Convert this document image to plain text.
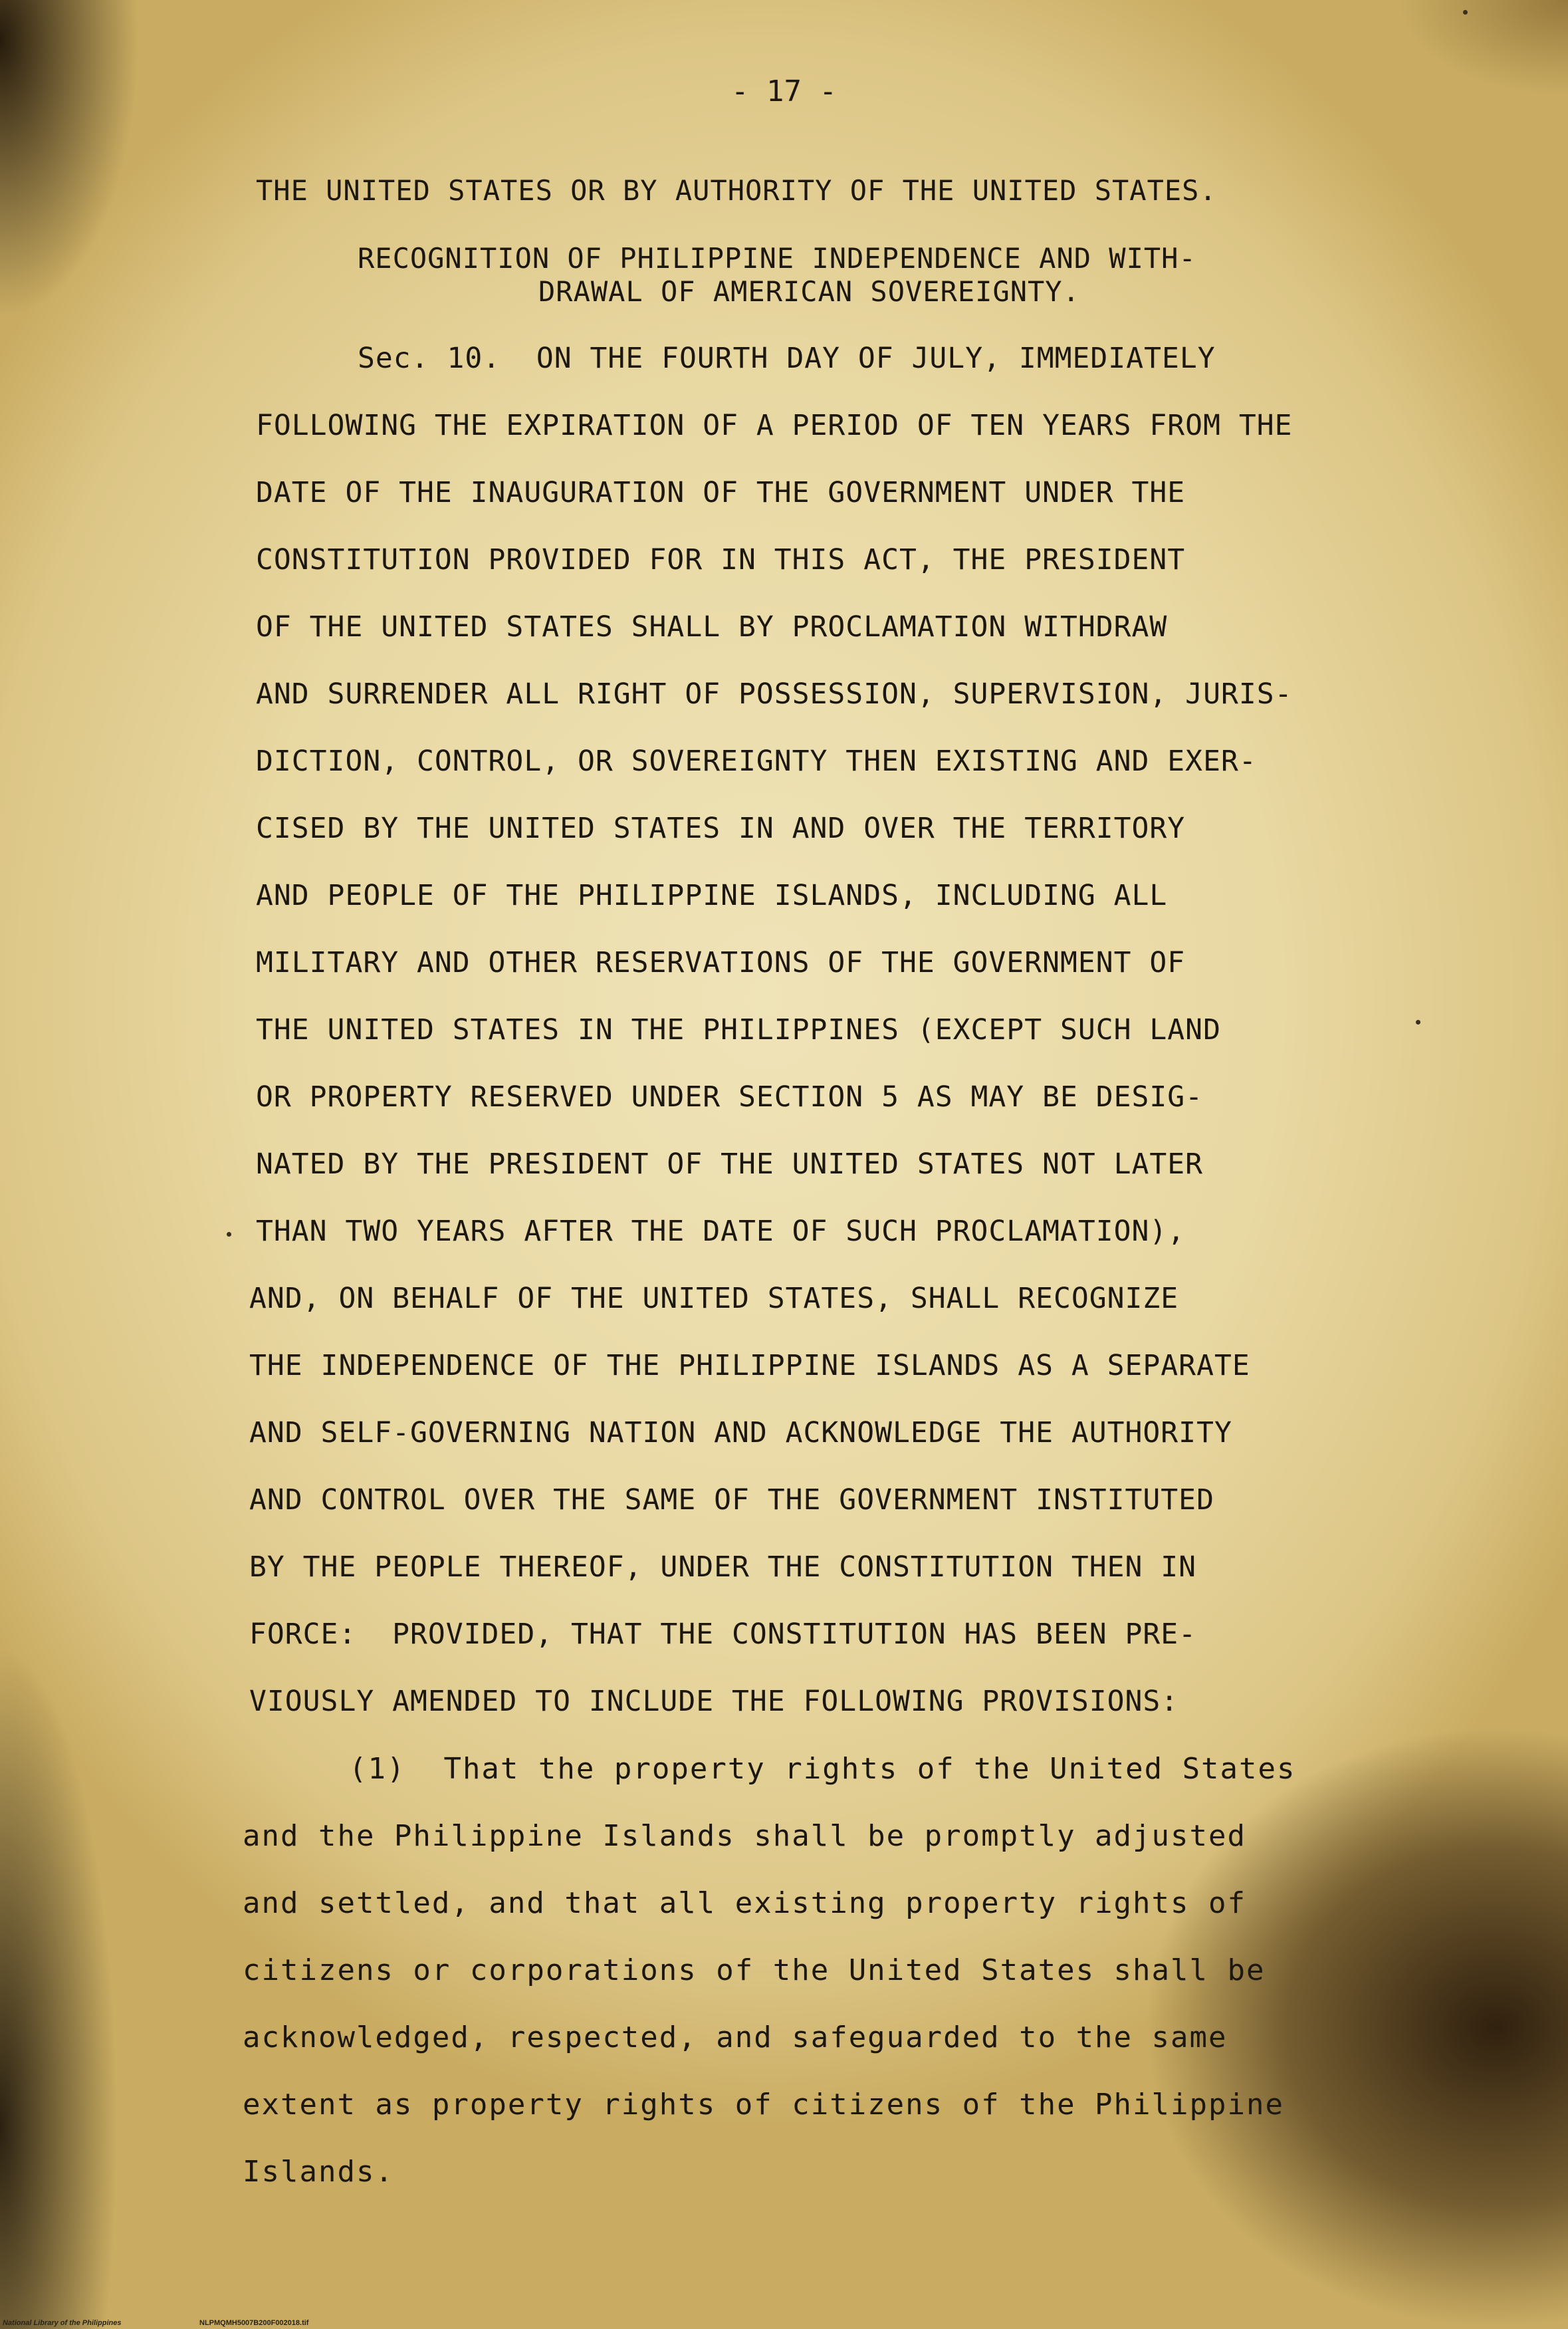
- 17 -
THE UNITED STATES OR BY AUTHORITY OF THE UNITED STATES.
RECOGNITION OF PHILIPPINE INDEPENDENCE AND WITH-
DRAWAL OF AMERICAN SOVEREIGNTY.
Sec. 10.  ON THE FOURTH DAY OF JULY, IMMEDIATELY
FOLLOWING THE EXPIRATION OF A PERIOD OF TEN YEARS FROM THE
DATE OF THE INAUGURATION OF THE GOVERNMENT UNDER THE
CONSTITUTION PROVIDED FOR IN THIS ACT, THE PRESIDENT
OF THE UNITED STATES SHALL BY PROCLAMATION WITHDRAW
AND SURRENDER ALL RIGHT OF POSSESSION, SUPERVISION, JURIS-
DICTION, CONTROL, OR SOVEREIGNTY THEN EXISTING AND EXER-
CISED BY THE UNITED STATES IN AND OVER THE TERRITORY
AND PEOPLE OF THE PHILIPPINE ISLANDS, INCLUDING ALL
MILITARY AND OTHER RESERVATIONS OF THE GOVERNMENT OF
THE UNITED STATES IN THE PHILIPPINES (EXCEPT SUCH LAND
OR PROPERTY RESERVED UNDER SECTION 5 AS MAY BE DESIG-
NATED BY THE PRESIDENT OF THE UNITED STATES NOT LATER
THAN TWO YEARS AFTER THE DATE OF SUCH PROCLAMATION),
AND, ON BEHALF OF THE UNITED STATES, SHALL RECOGNIZE
THE INDEPENDENCE OF THE PHILIPPINE ISLANDS AS A SEPARATE
AND SELF-GOVERNING NATION AND ACKNOWLEDGE THE AUTHORITY
AND CONTROL OVER THE SAME OF THE GOVERNMENT INSTITUTED
BY THE PEOPLE THEREOF, UNDER THE CONSTITUTION THEN IN
FORCE:  PROVIDED, THAT THE CONSTITUTION HAS BEEN PRE-
VIOUSLY AMENDED TO INCLUDE THE FOLLOWING PROVISIONS:
(1)  That the property rights of the United States
and the Philippine Islands shall be promptly adjusted
and settled, and that all existing property rights of
citizens or corporations of the United States shall be
acknowledged, respected, and safeguarded to the same
extent as property rights of citizens of the Philippine
Islands.
National Library of the Philippines	NLPMQMH5007B200F002018.tif
